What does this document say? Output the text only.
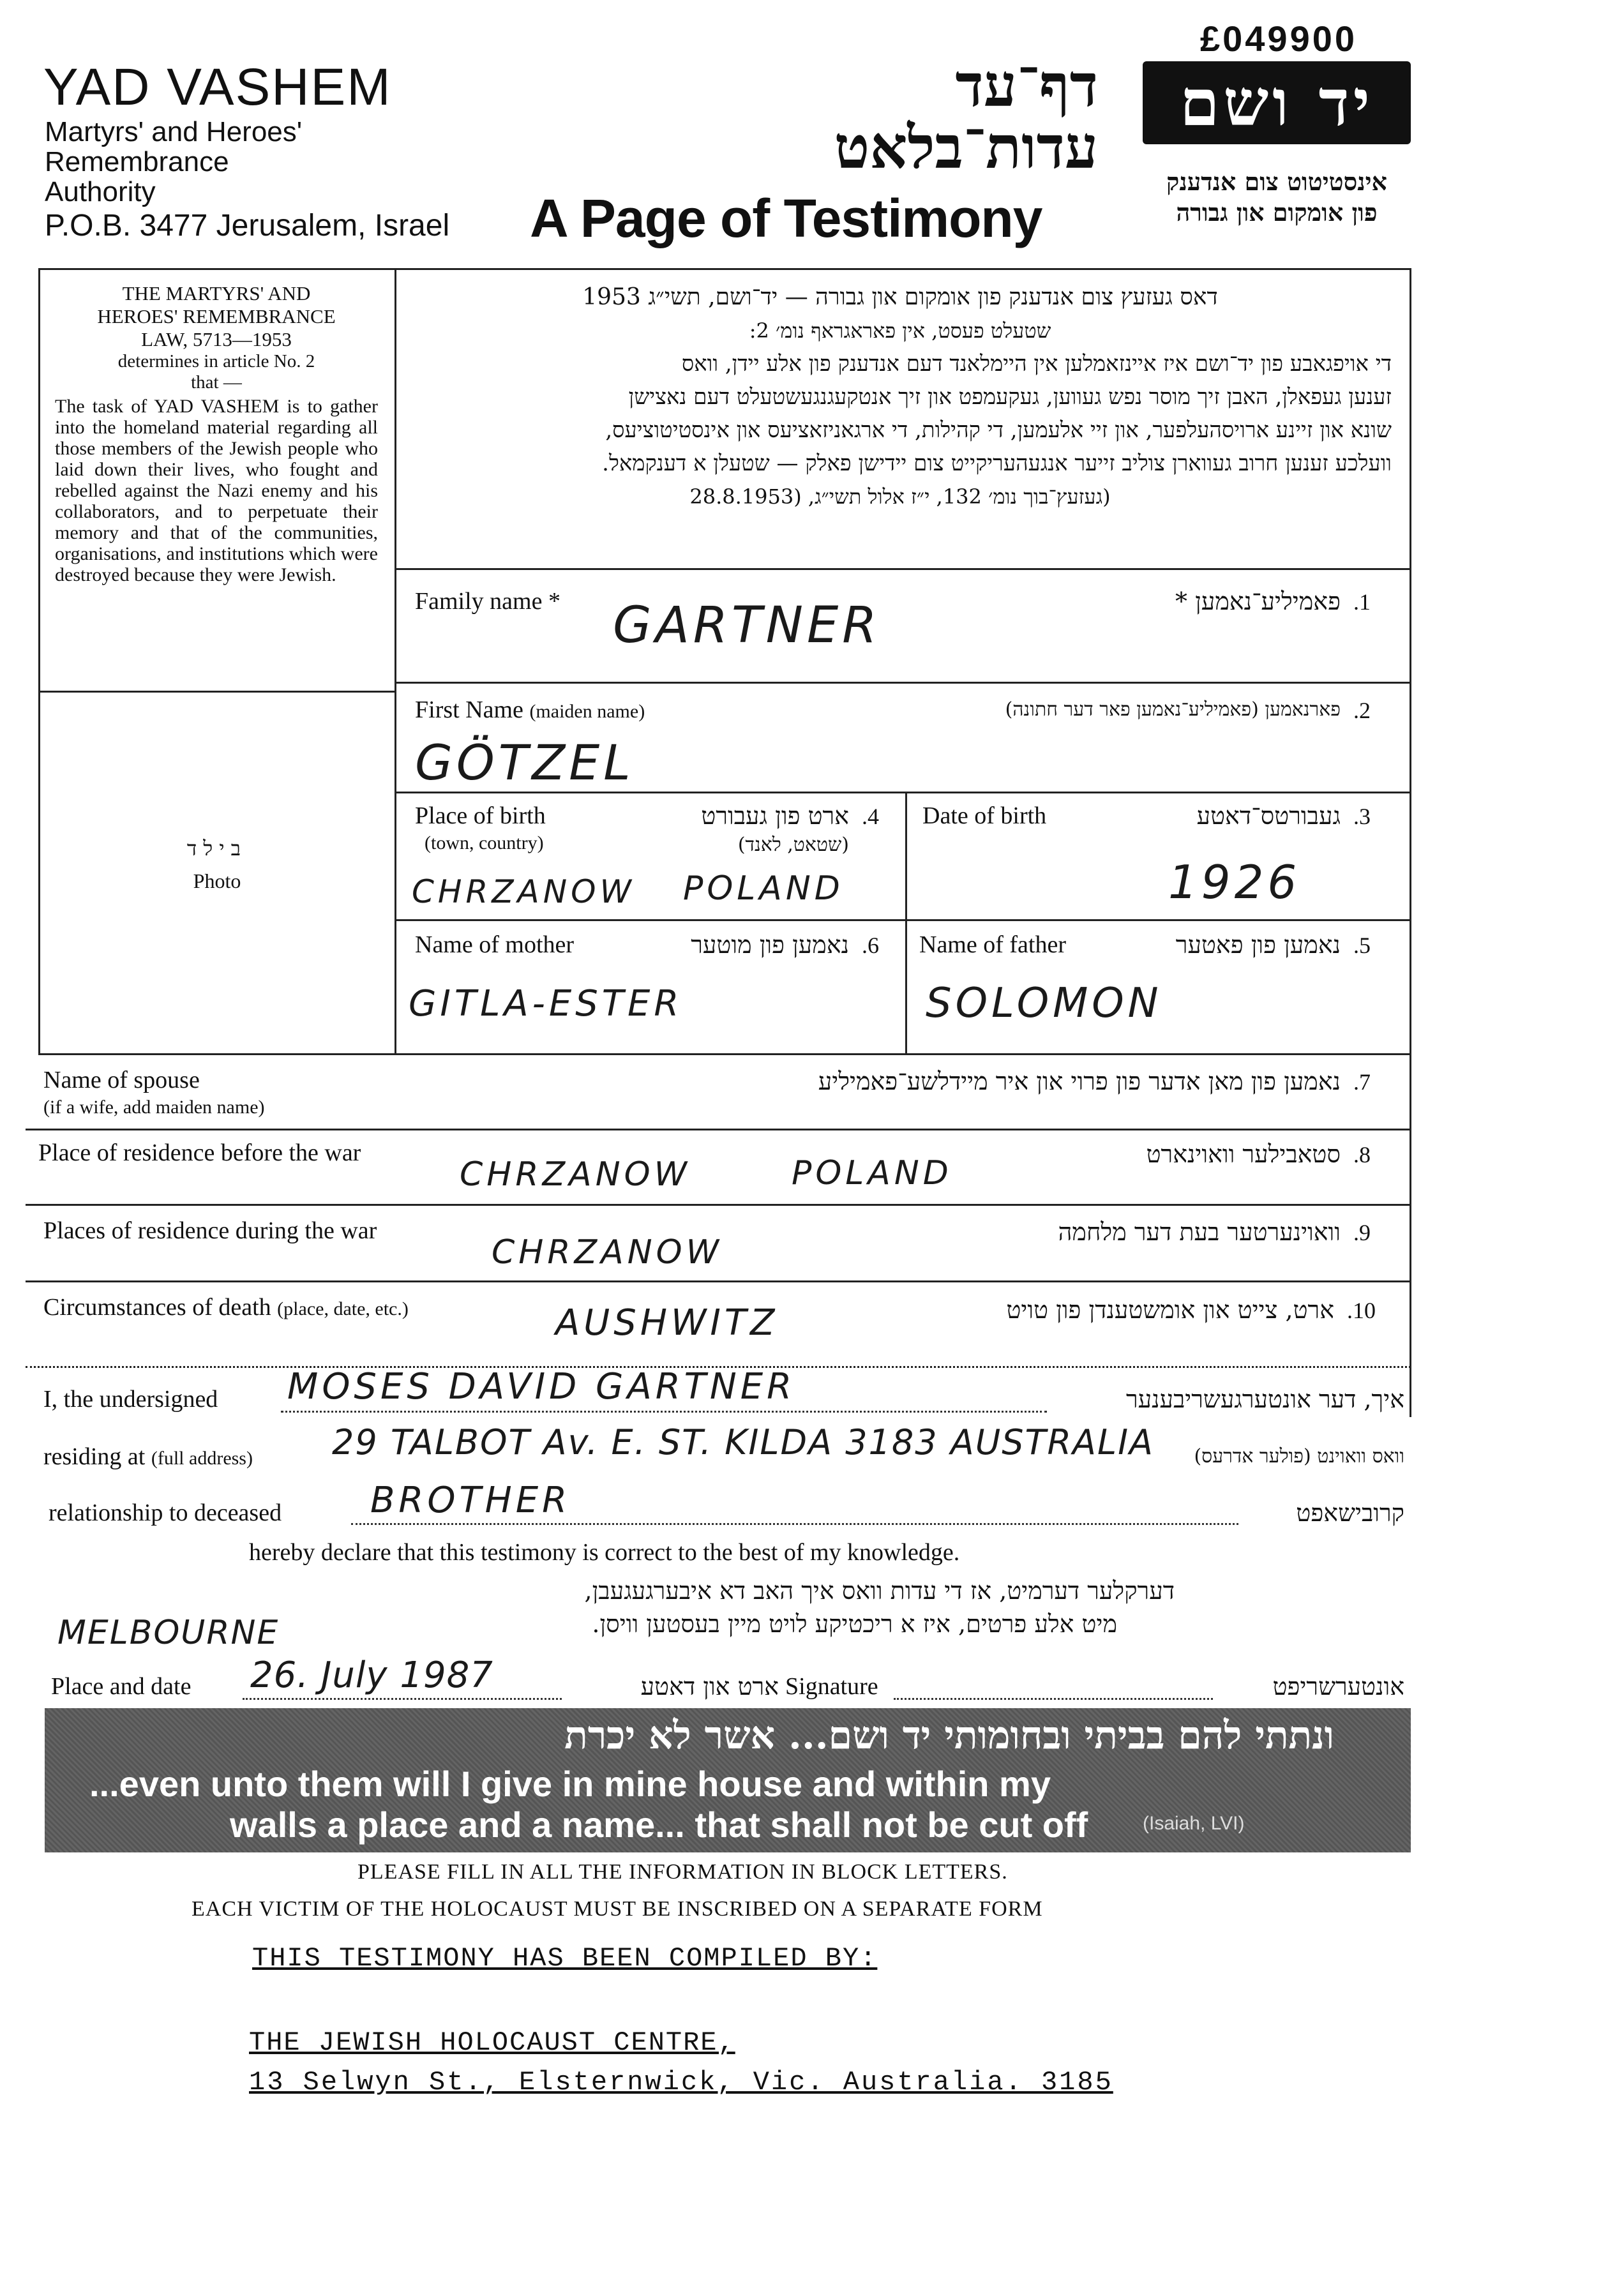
£049900
YAD VASHEM
Martyrs' and Heroes'
Remembrance
Authority
P.O.B. 3477 Jerusalem, Israel
דף־עד
עדות־בלאט
A Page of Testimony
יד ושם
אינסטיטוט צום אנדענק
פון אומקום און גבורה
THE MARTYRS' AND
HEROES' REMEMBRANCE
LAW, 5713—1953
determines in article No. 2
that —
The task of YAD VASHEM is to gather into the homeland material regarding all those members of the Jewish people who laid down their lives, who fought and rebelled against the Nazi enemy and his collaborators, and to perpetuate their memory and that of the communities, organisations, and institutions which were destroyed because they were Jewish.
בילד
Photo
דאס געזעץ צום אנדענק פון אומקום און גבורה — יד־ושם, תשי״ג 1953
שטעלט פעסט, אין פאראגראף נומ׳ 2:
די אויפגאבע פון יד־ושם איז איינזאמלען אין היימלאנד דעם אנדענק פון אלע יידן, וואס
זענען געפאלן, האבן זיך מוסר נפש געווען, געקעמפט און זיך אנטקעגנגעשטעלט דעם נאצישן
שונא און זיינע ארויסהעלפער, און זיי אלעמען, די קהילות, די ארגאניזאציעס און אינסטיטוציעס,
וועלכע זענען חרוב געווארן צוליב זייער אנגעהעריקייט צום יידישן פאלק — שטעלן א דענקמאל.
(געזעץ־בוך נומ׳ 132, י״ז אלול תשי״ג, (28.8.1953
Family name * GARTNER	פאמיליע־נאמען * .1
First Name (maiden name)
GÖTZEL
פארנאמען (פאמיליע־נאמען פאר דער חתונה) .2
Place of birth
(town, country)
ארט פון געבורט
(שטאט, לאנד)
.4
CHRZANOW POLAND
Date of birth	געבורטס־דאטע .3
1926
Name of mother	נאמען פון מוטער .6
GITLA-ESTER
Name of father	נאמען פון פאטער .5
SOLOMON
Name of spouse
(if a wife, add maiden name)
נאמען פון מאן אדער פון פרוי און איר מיידלשע־פאמיליע .7
Place of residence before the war	סטאבילער וואוינארט .8
CHRZANOW	POLAND
Places of residence during the war	וואוינערטער בעת דער מלחמה .9
CHRZANOW
Circumstances of death (place, date, etc.)	ארט, צייט און אומשטענדן פון טויט .10
AUSHWITZ
I, the undersigned MOSES DAVID GARTNER	איך, דער אונטערגעשריבענער
residing at (full address) 29 TALBOT Av. E. ST. KILDA 3183 AUSTRALIA	וואס וואוינט (פולער אדרעס)
relationship to deceased BROTHER	קרובישאפט
hereby declare that this testimony is correct to the best of my knowledge.
דערקלער דערמיט, אז די עדות וואס איך האב דא איבערגעגעבן,
מיט אלע פרטים, איז א ריכטיקע לויט מיין בעסטען וויסן.
MELBOURNE
Place and date 26. July 1987	ארט און דאטע Signature	אונטערשריפט
ונתתי להם בביתי ובחומותי יד ושם... אשר לא יכרת
...even unto them will I give in mine house and within my
walls a place and a name... that shall not be cut off	(Isaiah, LVI)
PLEASE FILL IN ALL THE INFORMATION IN BLOCK LETTERS.
EACH VICTIM OF THE HOLOCAUST MUST BE INSCRIBED ON A SEPARATE FORM
THIS TESTIMONY HAS BEEN COMPILED BY:
THE JEWISH HOLOCAUST CENTRE,
13 Selwyn St., Elsternwick, Vic. Australia. 3185
